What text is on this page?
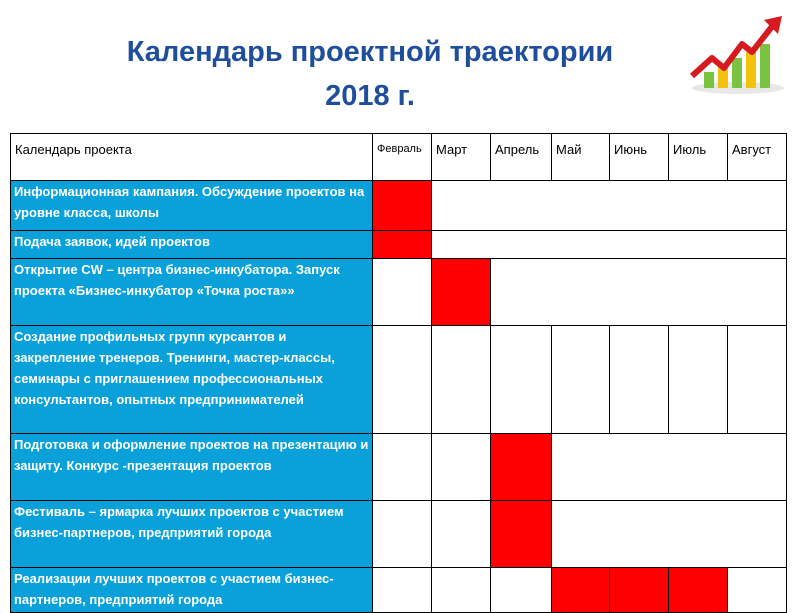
Календарь проектной траектории
2018 г.
Календарь проекта	Февраль	Март	Апрель	Май	Июнь	Июль	Август
Информационная кампания. Обсуждение проектов на уровне класса, школы							
Подача заявок, идей проектов							
Открытие CW – центра бизнес-инкубатора. Запуск проекта «Бизнес-инкубатор «Точка роста»»							
Создание профильных групп курсантов и закрепление тренеров. Тренинги, мастер-классы, семинары с приглашением профессиональных консультантов, опытных предпринимателей							
Подготовка и оформление проектов на презентацию и защиту. Конкурс -презентация проектов							
Фестиваль – ярмарка лучших проектов с участием бизнес-партнеров, предприятий города							
Реализации лучших проектов с участием бизнес-партнеров, предприятий города							
